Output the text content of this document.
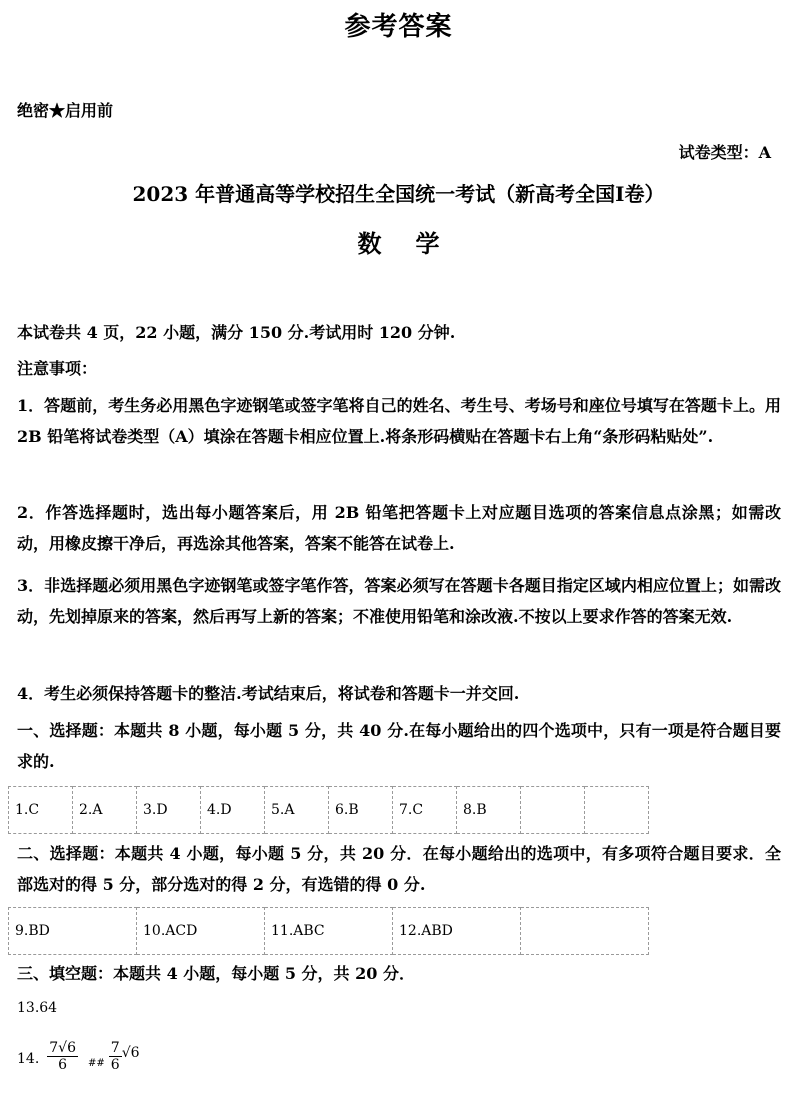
参考答案
绝密★启用前
试卷类型：A
2023 年普通高等学校招生全国统一考试（新高考全国Ⅰ卷）
数学
本试卷共 4 页，22 小题，满分 150 分.考试用时 120 分钟.
注意事项：
1．答题前，考生务必用黑色字迹钢笔或签字笔将自己的姓名、考生号、考场号和座位号填写在答题卡上。用 2B 铅笔将试卷类型（A）填涂在答题卡相应位置上.将条形码横贴在答题卡右上角“条形码粘贴处”.
2．作答选择题时，选出每小题答案后，用 2B 铅笔把答题卡上对应题目选项的答案信息点涂黑；如需改动，用橡皮擦干净后，再选涂其他答案，答案不能答在试卷上.
3．非选择题必须用黑色字迹钢笔或签字笔作答，答案必须写在答题卡各题目指定区域内相应位置上；如需改动，先划掉原来的答案，然后再写上新的答案；不准使用铅笔和涂改液.不按以上要求作答的答案无效.
4．考生必须保持答题卡的整洁.考试结束后，将试卷和答题卡一并交回.
一、选择题：本题共 8 小题，每小题 5 分，共 40 分.在每小题给出的四个选项中，只有一项是符合题目要求的.
1.C	2.A	3.D	4.D	5.A	6.B	7.C	8.B		
二、选择题：本题共 4 小题，每小题 5 分，共 20 分．在每小题给出的选项中，有多项符合题目要求．全部选对的得 5 分，部分选对的得 2 分，有选错的得 0 分.
9.BD	10.ACD	11.ABC	12.ABD	
三、填空题：本题共 4 小题，每小题 5 分，共 20 分．
13.64
14. $\frac{7√6}{6}$ ## $\frac{7}{6} √6$
